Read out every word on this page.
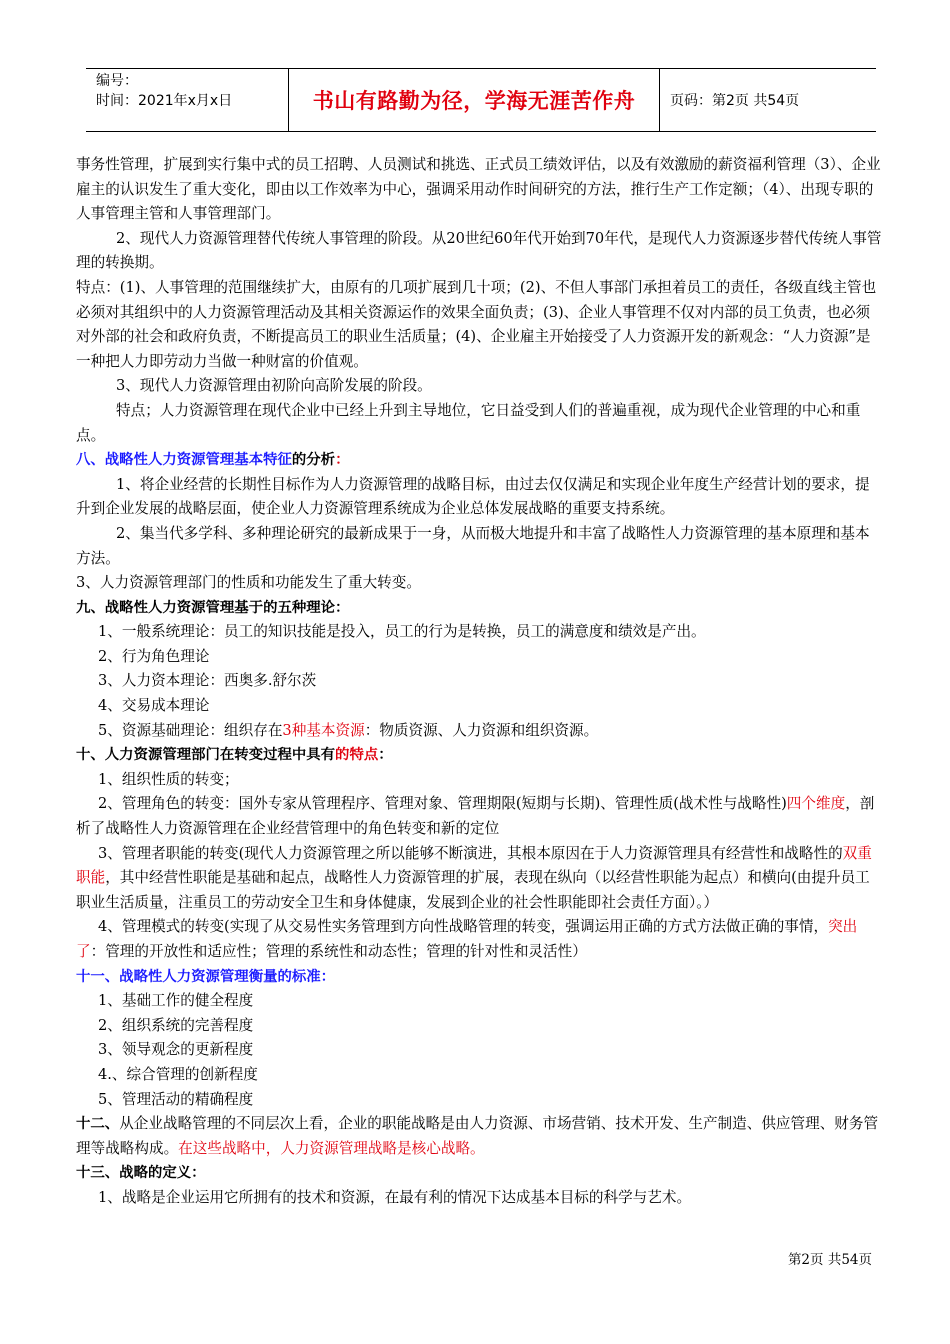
编号：
时间：2021年x月x日	书山有路勤为径，学海无涯苦作舟	页码：第2页 共54页

事务性管理，扩展到实行集中式的员工招聘、人员测试和挑选、正式员工绩效评估，以及有效激励的薪资福利管理（3）、企业雇主的认识发生了重大变化，即由以工作效率为中心，强调采用动作时间研究的方法，推行生产工作定额；（4）、出现专职的人事管理主管和人事管理部门。

2、现代人力资源管理替代传统人事管理的阶段。从20世纪60年代开始到70年代，是现代人力资源逐步替代传统人事管理的转换期。

特点：(1)、人事管理的范围继续扩大，由原有的几项扩展到几十项；(2)、不但人事部门承担着员工的责任，各级直线主管也必须对其组织中的人力资源管理活动及其相关资源运作的效果全面负责；(3)、企业人事管理不仅对内部的员工负责，也必须对外部的社会和政府负责，不断提高员工的职业生活质量；(4)、企业雇主开始接受了人力资源开发的新观念：“人力资源”是一种把人力即劳动力当做一种财富的价值观。

3、现代人力资源管理由初阶向高阶发展的阶段。

特点；人力资源管理在现代企业中已经上升到主导地位，它日益受到人们的普遍重视，成为现代企业管理的中心和重点。

八、战略性人力资源管理基本特征的分析：

1、将企业经营的长期性目标作为人力资源管理的战略目标，由过去仅仅满足和实现企业年度生产经营计划的要求，提升到企业发展的战略层面，使企业人力资源管理系统成为企业总体发展战略的重要支持系统。

2、集当代多学科、多种理论研究的最新成果于一身，从而极大地提升和丰富了战略性人力资源管理的基本原理和基本方法。

3、人力资源管理部门的性质和功能发生了重大转变。

九、战略性人力资源管理基于的五种理论：

1、一般系统理论：员工的知识技能是投入，员工的行为是转换，员工的满意度和绩效是产出。

2、行为角色理论

3、人力资本理论：西奥多.舒尔茨

4、交易成本理论

5、资源基础理论：组织存在3种基本资源：物质资源、人力资源和组织资源。

十、人力资源管理部门在转变过程中具有的特点：

1、组织性质的转变；

2、管理角色的转变：国外专家从管理程序、管理对象、管理期限(短期与长期)、管理性质(战术性与战略性)四个维度，剖析了战略性人力资源管理在企业经营管理中的角色转变和新的定位

3、管理者职能的转变(现代人力资源管理之所以能够不断演进，其根本原因在于人力资源管理具有经营性和战略性的双重职能，其中经营性职能是基础和起点，战略性人力资源管理的扩展，表现在纵向（以经营性职能为起点）和横向(由提升员工职业生活质量，注重员工的劳动安全卫生和身体健康，发展到企业的社会性职能即社会责任方面）。）

4、管理模式的转变(实现了从交易性实务管理到方向性战略管理的转变，强调运用正确的方式方法做正确的事情，突出了：管理的开放性和适应性；管理的系统性和动态性；管理的针对性和灵活性）

十一、战略性人力资源管理衡量的标准：

1、基础工作的健全程度

2、组织系统的完善程度

3、领导观念的更新程度

4.、综合管理的创新程度

5、管理活动的精确程度

十二、从企业战略管理的不同层次上看，企业的职能战略是由人力资源、市场营销、技术开发、生产制造、供应管理、财务管理等战略构成。在这些战略中，人力资源管理战略是核心战略。

十三、战略的定义：

1、战略是企业运用它所拥有的技术和资源，在最有利的情况下达成基本目标的科学与艺术。

第2页 共54页
